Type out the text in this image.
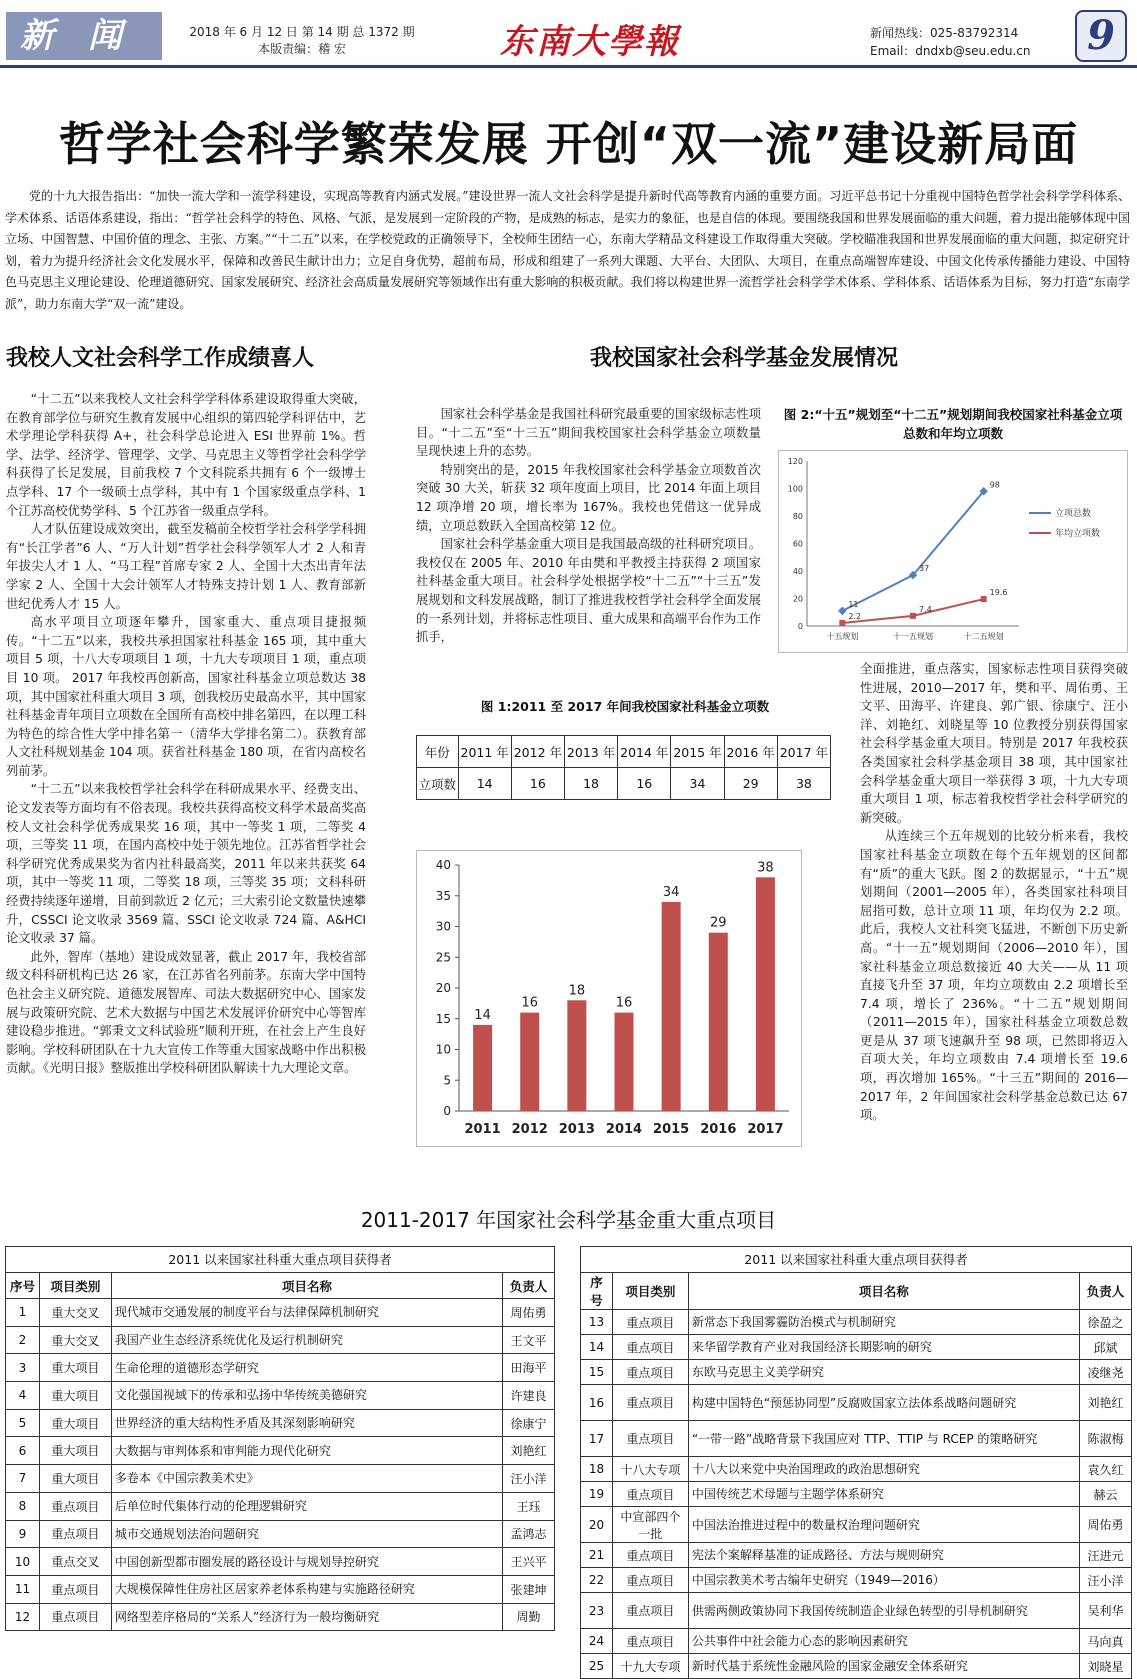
新闻	2018 年 6 月 12 日 第 14 期 总 1372 期
本版责编：稽 宏	东南大學報	新闻热线：025-83792314
Email：dndxb@seu.edu.cn	9
哲学社会科学繁荣发展 开创“双一流”建设新局面

党的十九大报告指出：“加快一流大学和一流学科建设，实现高等教育内涵式发展。”建设世界一流人文社会科学是提升新时代高等教育内涵的重要方面。习近平总书记十分重视中国特色哲学社会科学学科体系、学术体系、话语体系建设，指出：“哲学社会科学的特色、风格、气派，是发展到一定阶段的产物，是成熟的标志，是实力的象征，也是自信的体现。要围绕我国和世界发展面临的重大问题，着力提出能够体现中国立场、中国智慧、中国价值的理念、主张、方案。”“十二五”以来，在学校党政的正确领导下，全校师生团结一心，东南大学精品文科建设工作取得重大突破。学校瞄准我国和世界发展面临的重大问题，拟定研究计划，着力为提升经济社会文化发展水平，保障和改善民生献计出力；立足自身优势，超前布局，形成和组建了一系列大课题、大平台、大团队、大项目，在重点高端智库建设、中国文化传承传播能力建设、中国特色马克思主义理论建设、伦理道德研究、国家发展研究、经济社会高质量发展研究等领域作出有重大影响的积极贡献。我们将以构建世界一流哲学社会科学学术体系、学科体系、话语体系为目标，努力打造“东南学派”，助力东南大学“双一流”建设。

我校人文社会科学工作成绩喜人

“十二五”以来我校人文社会科学学科体系建设取得重大突破，在教育部学位与研究生教育发展中心组织的第四轮学科评估中，艺术学理论学科获得 A+，社会科学总论进入 ESI 世界前 1%。哲学、法学、经济学、管理学、文学、马克思主义等哲学社会科学学科获得了长足发展，目前我校 7 个文科院系共拥有 6 个一级博士点学科、17 个一级硕士点学科，其中有 1 个国家级重点学科、1 个江苏高校优势学科、5 个江苏省一级重点学科。

人才队伍建设成效突出，截至发稿前全校哲学社会科学学科拥有“长江学者”6 人、“万人计划”哲学社会科学领军人才 2 人和青年拔尖人才 1 人、“马工程”首席专家 2 人、全国十大杰出青年法学家 2 人、全国十大会计领军人才特殊支持计划 1 人、教育部新世纪优秀人才 15 人。

高水平项目立项逐年攀升，国家重大、重点项目捷报频传。“十二五”以来，我校共承担国家社科基金 165 项，其中重大项目 5 项，十八大专项项目 1 项，十九大专项项目 1 项，重点项目 10 项。 2017 年我校再创新高，国家社科基金立项总数达 38 项，其中国家社科重大项目 3 项，创我校历史最高水平，其中国家社科基金青年项目立项数在全国所有高校中排名第四，在以理工科为特色的综合性大学中排名第一（清华大学排名第二）。获教育部人文社科规划基金 104 项。获省社科基金 180 项，在省内高校名列前茅。

“十二五”以来我校哲学社会科学在科研成果水平、经费支出、论文发表等方面均有不俗表现。我校共获得高校文科学术最高奖高校人文社会科学优秀成果奖 16 项，其中一等奖 1 项，二等奖 4 项，三等奖 11 项，在国内高校中处于领先地位。江苏省哲学社会科学研究优秀成果奖为省内社科最高奖，2011 年以来共获奖 64 项，其中一等奖 11 项，二等奖 18 项，三等奖 35 项；文科科研经费持续逐年递增，目前到款近 2 亿元；三大索引论文数量快速攀升，CSSCI 论文收录 3569 篇、SSCI 论文收录 724 篇、A&HCI 论文收录 37 篇。

此外，智库（基地）建设成效显著，截止 2017 年，我校省部级文科科研机构已达 26 家，在江苏省名列前茅。东南大学中国特色社会主义研究院、道德发展智库、司法大数据研究中心、国家发展与政策研究院、艺术大数据与中国艺术发展评价研究中心等智库建设稳步推进。“郭秉文文科试验班”顺利开班，在社会上产生良好影响。学校科研团队在十九大宣传工作等重大国家战略中作出积极贡献。《光明日报》整版推出学校科研团队解读十九大理论文章。

我校国家社会科学基金发展情况

国家社会科学基金是我国社科研究最重要的国家级标志性项目。“十二五”至“十三五”期间我校国家社会科学基金立项数量呈现快速上升的态势。

特别突出的是，2015 年我校国家社会科学基金立项数首次突破 30 大关，斩获 32 项年度面上项目，比 2014 年面上项目 12 项净增 20 项，增长率为 167%。我校也凭借这一优异成绩，立项总数跃入全国高校第 12 位。

国家社会科学基金重大项目是我国最高级的社科研究项目。我校仅在 2005 年、2010 年由樊和平教授主持获得 2 项国家社科基金重大项目。社会科学处根据学校“十二五”“十三五”发展规划和文科发展战略，制订了推进我校哲学社会科学全面发展的一系列计划，并将标志性项目、重大成果和高端平台作为工作抓手，

全面推进，重点落实，国家标志性项目获得突破性进展，2010—2017 年，樊和平、周佑勇、王文平、田海平、许建良、郭广银、徐康宁、汪小洋、刘艳红、刘晓星等 10 位教授分别获得国家社会科学基金重大项目。特别是 2017 年我校获各类国家社会科学基金项目 38 项，其中国家社会科学基金重大项目一举获得 3 项，十九大专项重大项目 1 项，标志着我校哲学社会科学研究的新突破。

从连续三个五年规划的比较分析来看，我校国家社科基金立项数在每个五年规划的区间都有“质”的重大飞跃。图 2 的数据显示，“十五”规划期间（2001—2005 年），各类国家社科项目屈指可数，总计立项 11 项，年均仅为 2.2 项。此后，我校人文社科突飞猛进，不断创下历史新高。“十一五”规划期间（2006—2010 年），国家社科基金立项总数接近 40 大关——从 11 项直接飞升至 37 项，年均立项数由 2.2 项增长至 7.4 项，增长了 236%。“十二五”规划期间（2011—2015 年），国家社科基金立项数总数更是从 37 项飞速飙升至 98 项，已然即将迈入百项大关，年均立项数由 7.4 项增长至 19.6 项，再次增加 165%。“十三五”期间的 2016—2017 年，2 年间国家社会科学基金总数已达 67 项。

图 2:“十五”规划至“十二五”规划期间我校国家社科基金立项总数和年均立项数
0
20
40
60
80
100
120
十五规划	十一五规划	十二五规划
11
37
98
立项总数
2.2
7.4
19.6
年均立项数
图 1:2011 至 2017 年间我校国家社科基金立项数
年份	2011 年	2012 年	2013 年	2014 年	2015 年	2016 年	2017 年
立项数	14	16	18	16	34	29	38
0
5
10
15
20
25
30
35
40
14
2011
16
2012
18
2013
16
2014
34
2015
29
2016
38
2017
2011-2017 年国家社会科学基金重大重点项目
2011 以来国家社科重大重点项目获得者
序号	项目类别	项目名称	负责人
1	重大交叉	现代城市交通发展的制度平台与法律保障机制研究	周佑勇
2	重大交叉	我国产业生态经济系统优化及运行机制研究	王文平
3	重大项目	生命伦理的道德形态学研究	田海平
4	重大项目	文化强国视域下的传承和弘扬中华传统美德研究	许建良
5	重大项目	世界经济的重大结构性矛盾及其深刻影响研究	徐康宁
6	重大项目	大数据与审判体系和审判能力现代化研究	刘艳红
7	重大项目	多卷本《中国宗教美术史》	汪小洋
8	重点项目	后单位时代集体行动的伦理逻辑研究	王珏
9	重点项目	城市交通规划法治问题研究	孟鸿志
10	重点交叉	中国创新型都市圈发展的路径设计与规划导控研究	王兴平
11	重点项目	大规模保障性住房社区居家养老体系构建与实施路径研究	张建坤
12	重点项目	网络型差序格局的“关系人”经济行为一般均衡研究	周勤
2011 以来国家社科重大重点项目获得者
序号	项目类别	项目名称	负责人
13	重点项目	新常态下我国雾霾防治模式与机制研究	徐盈之
14	重点项目	来华留学教育产业对我国经济长期影响的研究	邱斌
15	重点项目	东欧马克思主义美学研究	凌继尧
16	重点项目	构建中国特色“预惩协同型”反腐败国家立法体系战略问题研究	刘艳红
17	重点项目	“一带一路”战略背景下我国应对 TTP、TTIP 与 RCEP 的策略研究	陈淑梅
18	十八大专项	十八大以来党中央治国理政的政治思想研究	袁久红
19	重点项目	中国传统艺术母题与主题学体系研究	赫云
20	中宣部四个一批	中国法治推进过程中的数量权治理问题研究	周佑勇
21	重点项目	宪法个案解释基准的证成路径、方法与规则研究	汪进元
22	重点项目	中国宗教美术考古编年史研究（1949—2016）	汪小洋
23	重点项目	供需两侧政策协同下我国传统制造企业绿色转型的引导机制研究	吴利华
24	重点项目	公共事件中社会能力心态的影响因素研究	马向真
25	十九大专项	新时代基于系统性金融风险的国家金融安全体系研究	刘晓星
